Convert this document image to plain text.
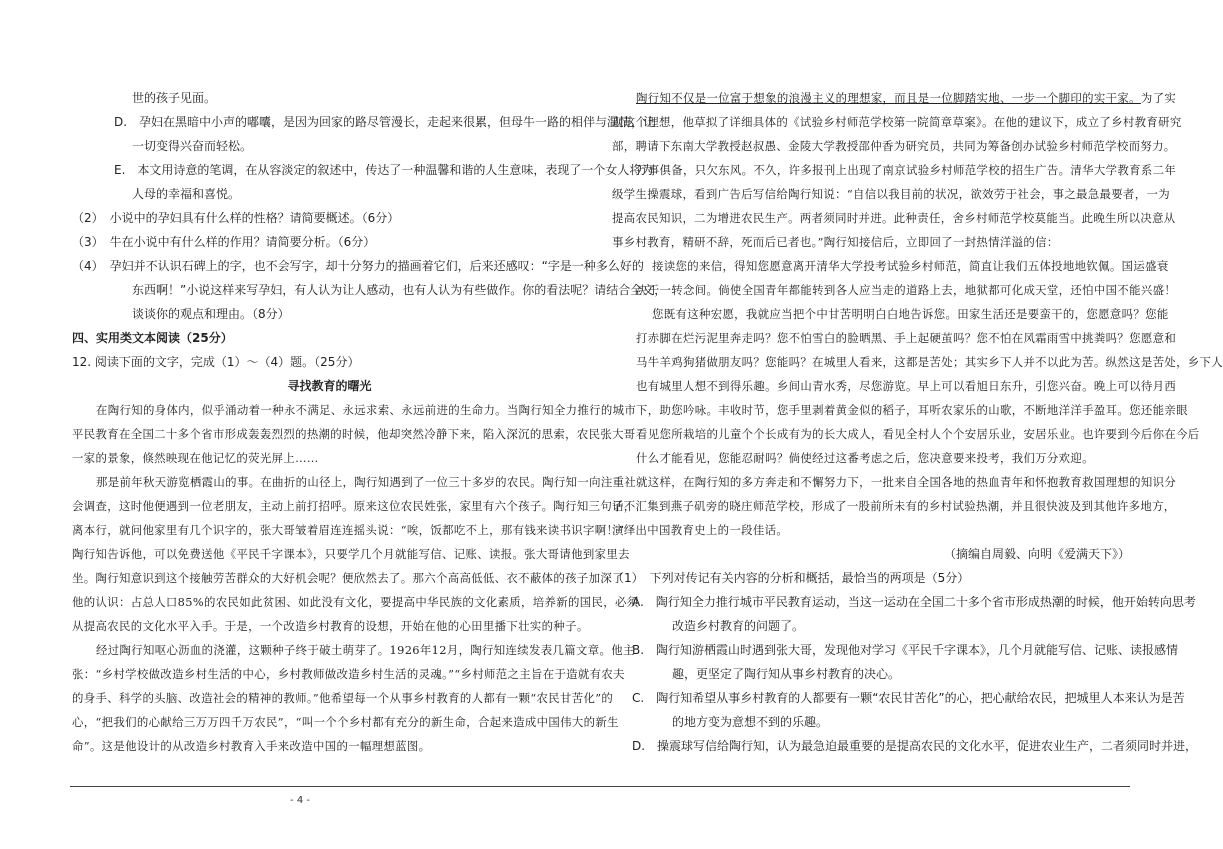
世的孩子见面。
D.　孕妇在黑暗中小声的嘟囔，是因为回家的路尽管漫长，走起来很累，但母牛一路的相伴与温情，让
一切变得兴奋而轻松。
E.　本文用诗意的笔调，在从容淡定的叙述中，传达了一种温馨和谐的人生意味，表现了一个女人将为
人母的幸福和喜悦。
（2）　小说中的孕妇具有什么样的性格？请简要概述。（6分）
（3）　牛在小说中有什么样的作用？请简要分析。（6分）
（4）　孕妇并不认识石碑上的字，也不会写字，却十分努力的描画着它们，后来还感叹：“字是一种多么好的
东西啊！”小说这样来写孕妇，有人认为让人感动，也有人认为有些做作。你的看法呢？请结合全文，
谈谈你的观点和理由。（8分）
四、实用类文本阅读（25分）
12. 阅读下面的文字，完成（1）～（4）题。（25分）
寻找教育的曙光
在陶行知的身体内，似乎涌动着一种永不满足、永远求索、永远前进的生命力。当陶行知全力推行的城市
平民教育在全国二十多个省市形成轰轰烈烈的热潮的时候，他却突然冷静下来，陷入深沉的思索，农民张大哥
一家的景象，倏然映现在他记忆的荧光屏上……
那是前年秋天游览栖霞山的事。在曲折的山径上，陶行知遇到了一位三十多岁的农民。陶行知一向注重社
会调查，这时他便遇到一位老朋友，主动上前打招呼。原来这位农民姓张，家里有六个孩子。陶行知三句话不
离本行，就问他家里有几个识字的，张大哥皱着眉连连摇头说：“唉，饭都吃不上，那有钱来读书识字啊！”
陶行知告诉他，可以免费送他《平民千字课本》，只要学几个月就能写信、记账、读报。张大哥请他到家里去
坐。陶行知意识到这个接触劳苦群众的大好机会呢？便欣然去了。那六个高高低低、衣不蔽体的孩子加深了
他的认识：占总人口85%的农民如此贫困、如此没有文化，要提高中华民族的文化素质，培养新的国民，必须
从提高农民的文化水平入手。于是，一个改造乡村教育的设想，开始在他的心田里播下壮实的种子。
经过陶行知呕心沥血的浇灌，这颗种子终于破土萌芽了。1926年12月，陶行知连续发表几篇文章。他主
张：“乡村学校做改造乡村生活的中心，乡村教师做改造乡村生活的灵魂。”“乡村师范之主旨在于造就有农夫
的身手、科学的头脑、改造社会的精神的教师。”他希望每一个从事乡村教育的人都有一颗“农民甘苦化”的
心，“把我们的心献给三万万四千万农民”，“叫一个个乡村都有充分的新生命，合起来造成中国伟大的新生
命”。这是他设计的从改造乡村教育入手来改造中国的一幅理想蓝图。
陶行知不仅是一位富于想象的浪漫主义的理想家，而且是一位脚踏实地、一步一个脚印的实干家。为了实
现这个理想，他草拟了详细具体的《试验乡村师范学校第一院简章草案》。在他的建议下，成立了乡村教育研究
部，聘请下东南大学教授赵叔愚、金陵大学教授邵仲香为研究员，共同为筹备创办试验乡村师范学校而努力。
万事俱备，只欠东风。不久，许多报刊上出现了南京试验乡村师范学校的招生广告。清华大学教育系二年
级学生操震球，看到广告后写信给陶行知说：“自信以我目前的状况，欲效劳于社会，事之最急最要者，一为
提高农民知识，二为增进农民生产。两者须同时并进。此种责任，舍乡村师范学校莫能当。此晚生所以决意从
事乡村教育，精研不辞，死而后已者也。”陶行知接信后，立即回了一封热情洋溢的信：
接读您的来信，得知您愿意离开清华大学投考试验乡村师范，简直让我们五体投地地钦佩。国运盛衰
决于一转念间。倘使全国青年都能转到各人应当走的道路上去，地狱都可化成天堂，还怕中国不能兴盛！
您既有这种宏愿，我就应当把个中甘苦明明白白地告诉您。田家生活还是要蛮干的，您愿意吗？您能
打赤脚在烂污泥里奔走吗？您不怕雪白的脸晒黑、手上起硬茧吗？您不怕在风霜雨雪中挑粪吗？您愿意和
马牛羊鸡狗猪做朋友吗？您能吗？在城里人看来，这都是苦处；其实乡下人并不以此为苦。纵然这是苦处，乡下人
也有城里人想不到得乐趣。乡间山青水秀，尽您游览。早上可以看旭日东升，引您兴奋。晚上可以待月西
下，助您吟咏。丰收时节，您手里剥着黄金似的稻子，耳听农家乐的山歌，不断地洋洋手盈耳。您还能亲眼
看见您所栽培的儿童个个长成有为的长大成人，看见全村人个个安居乐业，安居乐业。也许要到今后你在今后
什么才能看见，您能忍耐吗？倘使经过这番考虑之后，您决意要来投考，我们万分欢迎。
就这样，在陶行知的多方奔走和不懈努力下，一批来自全国各地的热血青年和怀抱教育救国理想的知识分
子，汇集到燕子矶旁的晓庄师范学校，形成了一股前所未有的乡村试验热潮，并且很快波及到其他许多地方，
演绎出中国教育史上的一段佳话。
（摘编自周毅、向明《爱满天下》）
（1）　下列对传记有关内容的分析和概括，最恰当的两项是（5分）
A.　陶行知全力推行城市平民教育运动，当这一运动在全国二十多个省市形成热潮的时候，他开始转向思考
改造乡村教育的问题了。
B.　陶行知游栖霞山时遇到张大哥，发现他对学习《平民千字课本》，几个月就能写信、记账、读报感情
趣，更坚定了陶行知从事乡村教育的决心。
C.　陶行知希望从事乡村教育的人都要有一颗“农民甘苦化”的心，把心献给农民，把城里人本来认为是苦
的地方变为意想不到的乐趣。
D.　操震球写信给陶行知，认为最急迫最重要的是提高农民的文化水平，促进农业生产，二者须同时并进，
- 4 -
